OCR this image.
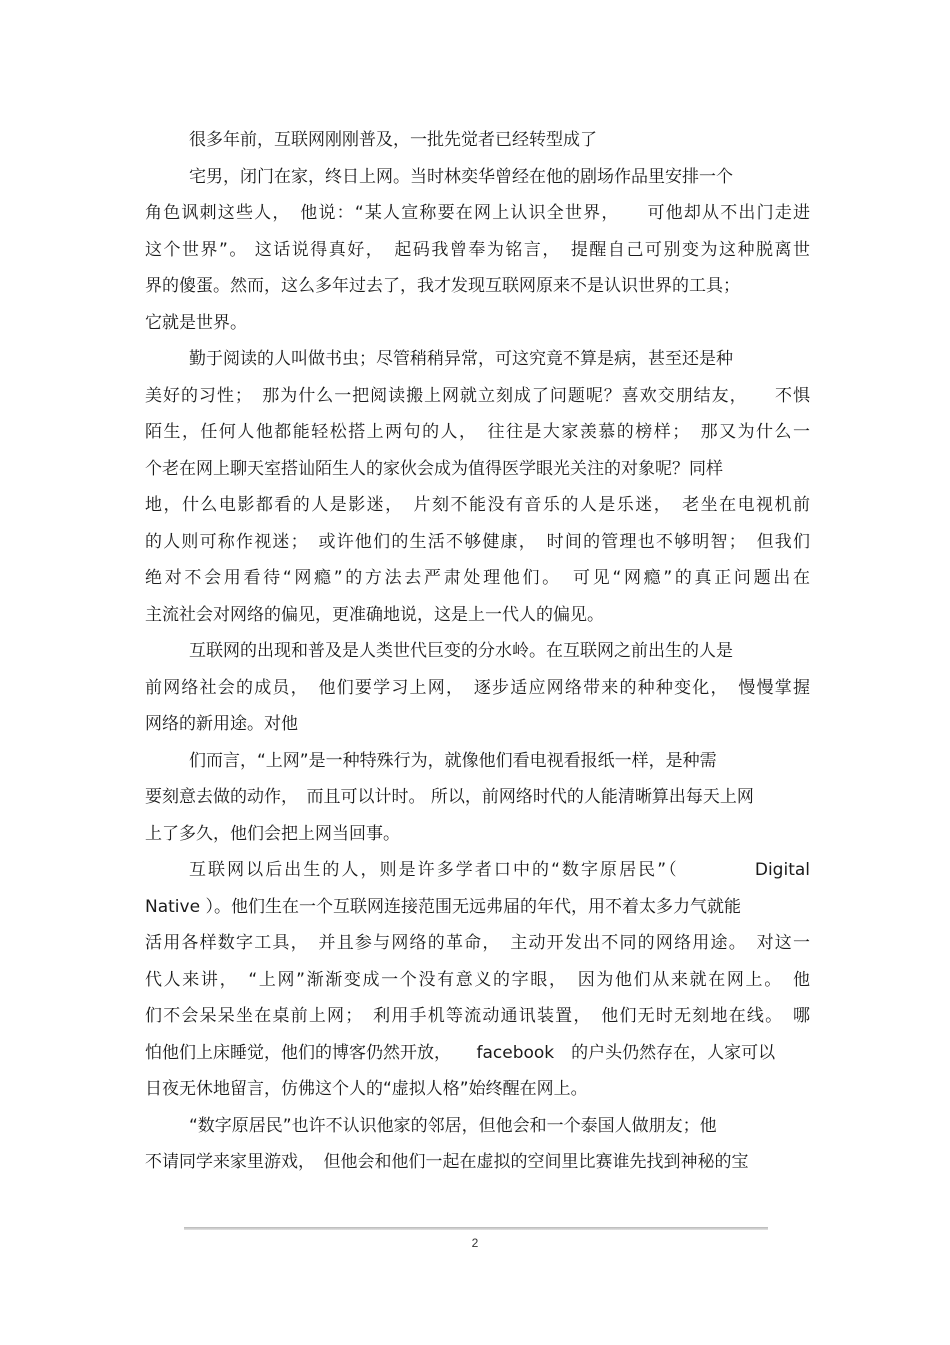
很多年前，互联网刚刚普及，一批先觉者已经转型成了
宅男，闭门在家，终日上网。当时林奕华曾经在他的剧场作品里安排一个
角色讽刺这些人，　他说：“某人宣称要在网上认识全世界，　　可他却从不出门走进
这个世界”。 这话说得真好，　起码我曾奉为铭言，　提醒自己可别变为这种脱离世
界的傻蛋。然而，这么多年过去了，我才发现互联网原来不是认识世界的工具；
它就是世界。
勤于阅读的人叫做书虫；尽管稍稍异常，可这究竟不算是病，甚至还是种
美好的习性；　那为什么一把阅读搬上网就立刻成了问题呢？喜欢交朋结友，　　不惧
陌生，任何人他都能轻松搭上两句的人，　往往是大家羡慕的榜样；　那又为什么一
个老在网上聊天室搭讪陌生人的家伙会成为值得医学眼光关注的对象呢？同样
地，什么电影都看的人是影迷，　片刻不能没有音乐的人是乐迷，　老坐在电视机前
的人则可称作视迷；　或许他们的生活不够健康，　时间的管理也不够明智；　但我们
绝对不会用看待“网瘾”的方法去严肃处理他们。　可见“网瘾”的真正问题出在
主流社会对网络的偏见，更准确地说，这是上一代人的偏见。
互联网的出现和普及是人类世代巨变的分水岭。在互联网之前出生的人是
前网络社会的成员，　他们要学习上网，　逐步适应网络带来的种种变化，　慢慢掌握
网络的新用途。对他
们而言，“上网”是一种特殊行为，就像他们看电视看报纸一样，是种需
要刻意去做的动作，　而且可以计时。 所以，前网络时代的人能清晰算出每天上网
上了多久，他们会把上网当回事。
互联网以后出生的人，则是许多学者口中的“数字原居民”（　　　　Digital
Native ）。他们生在一个互联网连接范围无远弗届的年代，用不着太多力气就能
活用各样数字工具，　并且参与网络的革命，　主动开发出不同的网络用途。　对这一
代人来讲，　“上网”渐渐变成一个没有意义的字眼，　因为他们从来就在网上。　他
们不会呆呆坐在桌前上网；　利用手机等流动通讯装置，　他们无时无刻地在线。　哪
怕他们上床睡觉，他们的博客仍然开放，　　facebook　的户头仍然存在，人家可以
日夜无休地留言，仿佛这个人的“虚拟人格”始终醒在网上。
“数字原居民”也许不认识他家的邻居，但他会和一个泰国人做朋友；他
不请同学来家里游戏，　但他会和他们一起在虚拟的空间里比赛谁先找到神秘的宝
2
